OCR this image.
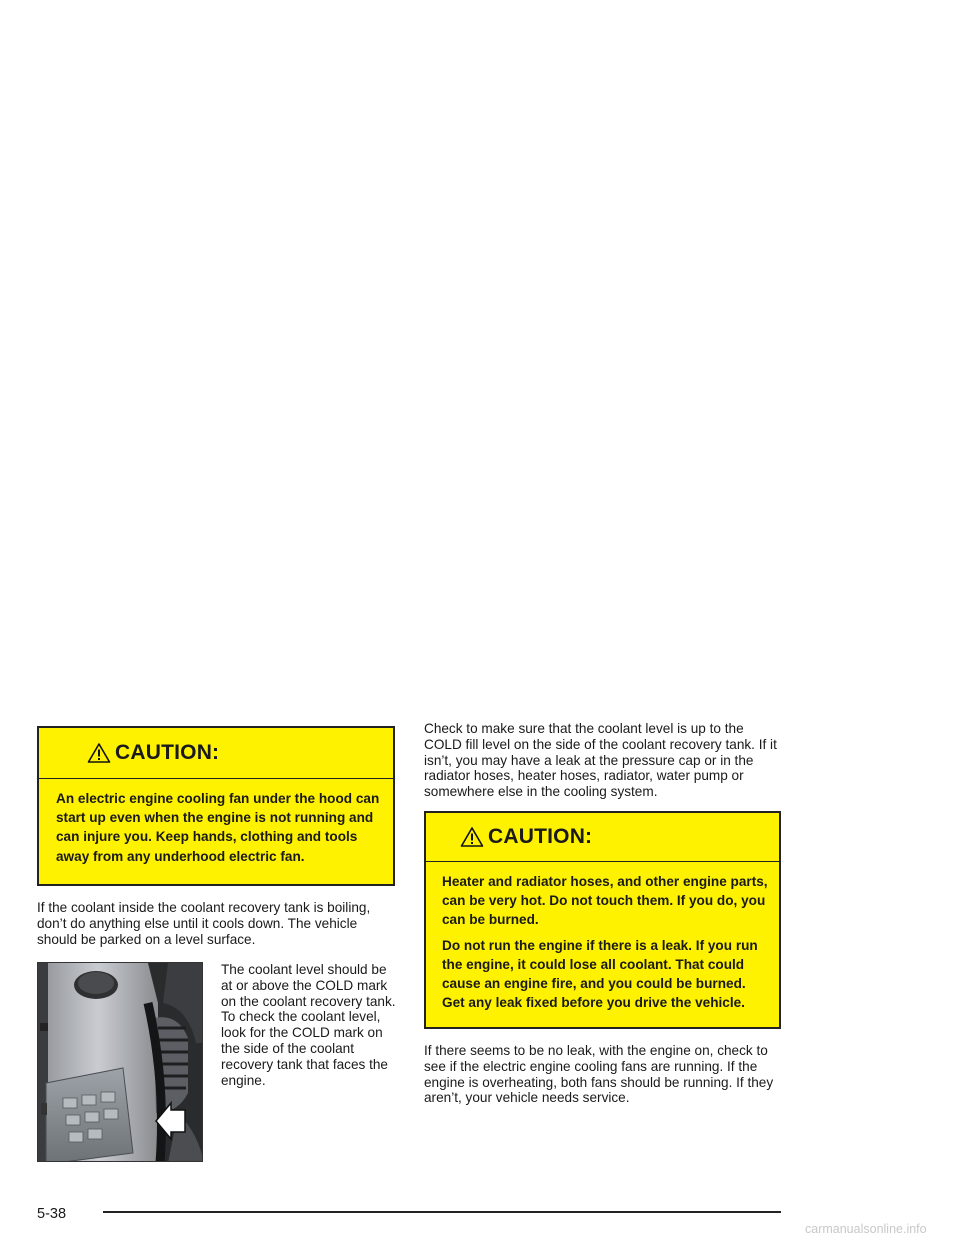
CAUTION:

An electric engine cooling fan under the hood can start up even when the engine is not running and can injure you. Keep hands, clothing and tools away from any underhood electric fan.

If the coolant inside the coolant recovery tank is boiling, don’t do anything else until it cools down. The vehicle should be parked on a level surface.

The coolant level should be at or above the COLD mark on the coolant recovery tank. To check the coolant level, look for the COLD mark on the side of the coolant recovery tank that faces the engine.

Check to make sure that the coolant level is up to the COLD fill level on the side of the coolant recovery tank. If it isn’t, you may have a leak at the pressure cap or in the radiator hoses, heater hoses, radiator, water pump or somewhere else in the cooling system.

CAUTION:

Heater and radiator hoses, and other engine parts, can be very hot. Do not touch them. If you do, you can be burned.

Do not run the engine if there is a leak. If you run the engine, it could lose all coolant. That could cause an engine fire, and you could be burned. Get any leak fixed before you drive the vehicle.

If there seems to be no leak, with the engine on, check to see if the electric engine cooling fans are running. If the engine is overheating, both fans should be running. If they aren’t, your vehicle needs service.

5-38
carmanualsonline.info
